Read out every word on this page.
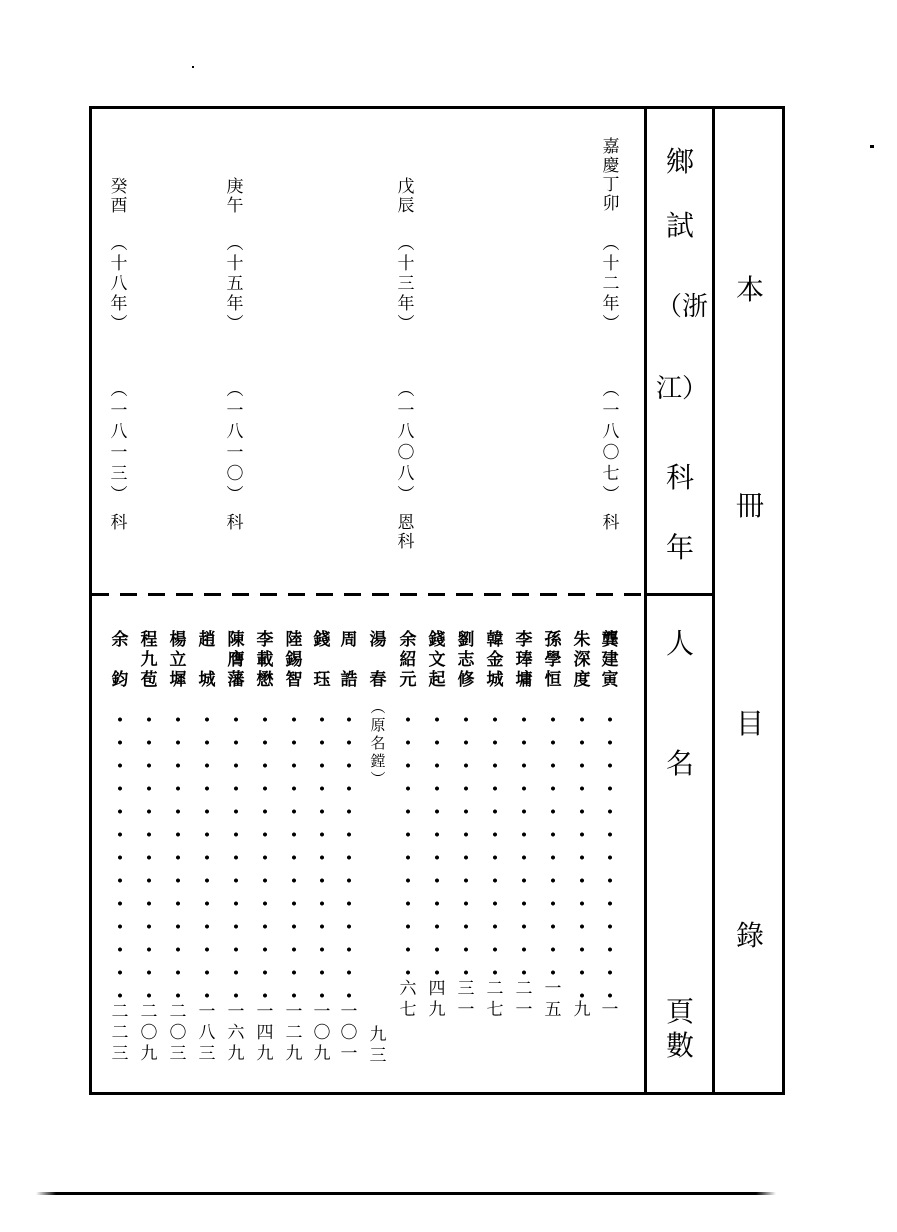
本
冊
目
錄
鄉
試
（浙
江）
科
年
人
名
頁
數
嘉
慶
丁
卯
︵
十
二
年
︶
︵
一
八
〇
七
︶
科
戊
辰
︵
十
三
年
︶
︵
一
八
〇
八
︶
恩
科
庚
午
︵
十
五
年
︶
︵
一
八
一
〇
︶
科
癸
酉
︵
十
八
年
︶
︵
一
八
一
三
︶
科
龔
建
寅
一
朱
深
度
九
孫
學
恒
一
五
李
琫
墉
二
一
韓
金
城
二
七
劉
志
修
三
一
錢
文
起
四
九
余
紹
元
六
七
湯
春
︵
原
名
鏜
︶
九
三
周
誥
一
〇
一
錢
珏
一
〇
九
陸
錫
智
一
二
九
李
載
懋
一
四
九
陳
膺
藩
一
六
九
趙
城
一
八
三
楊
立
墀
二
〇
三
程
九
苞
二
〇
九
余
鈞
二
二
三
